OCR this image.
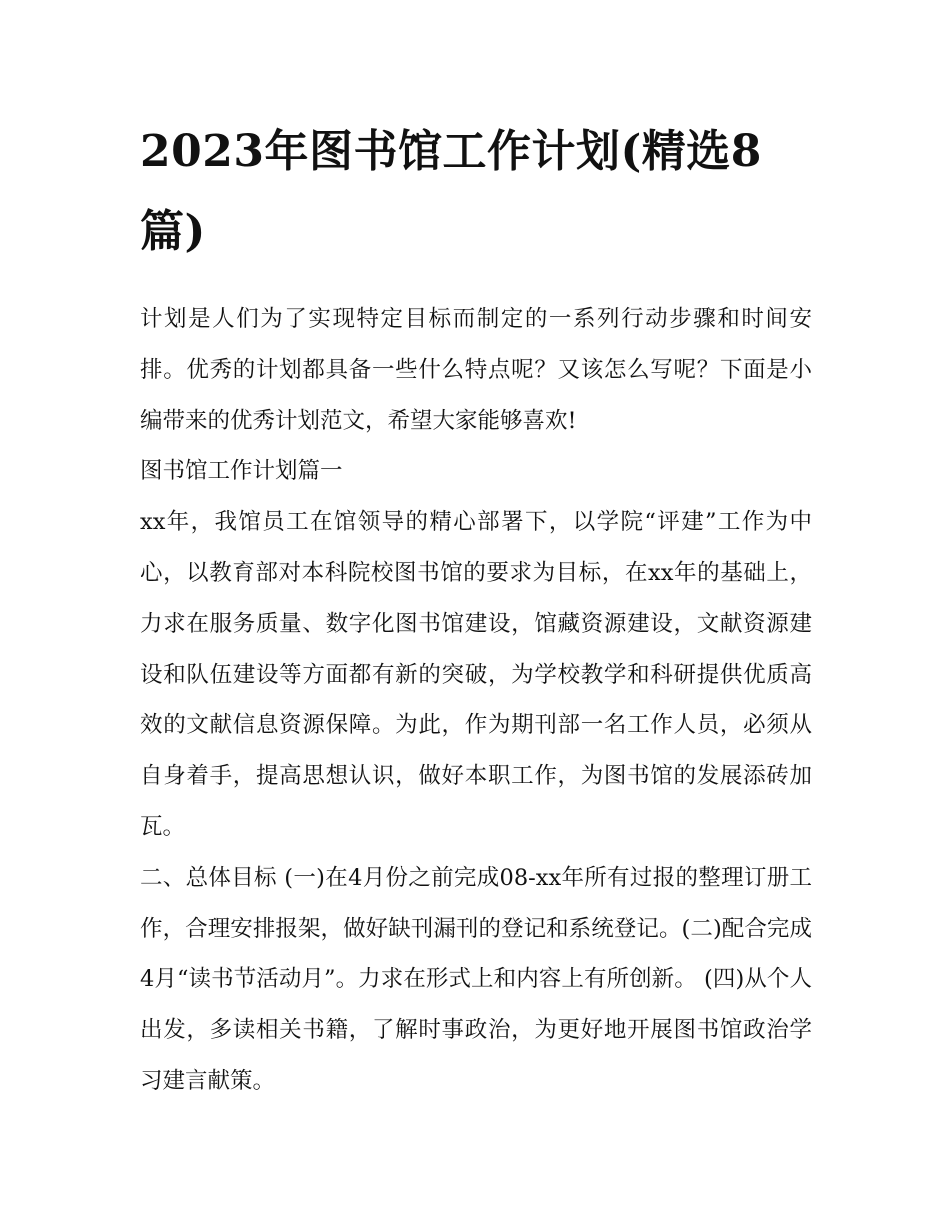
2023年图书馆工作计划(精选8篇)

计划是人们为了实现特定目标而制定的一系列行动步骤和时间安排。优秀的计划都具备一些什么特点呢？又该怎么写呢？下面是小编带来的优秀计划范文，希望大家能够喜欢!

图书馆工作计划篇一

xx年，我馆员工在馆领导的精心部署下，以学院“评建”工作为中心，以教育部对本科院校图书馆的要求为目标，在xx年的基础上，力求在服务质量、数字化图书馆建设，馆藏资源建设，文献资源建设和队伍建设等方面都有新的突破，为学校教学和科研提供优质高效的文献信息资源保障。为此，作为期刊部一名工作人员，必须从自身着手，提高思想认识，做好本职工作，为图书馆的发展添砖加瓦。

二、总体目标 (一)在4月份之前完成08-xx年所有过报的整理订册工作，合理安排报架，做好缺刊漏刊的登记和系统登记。(二)配合完成4月“读书节活动月”。力求在形式上和内容上有所创新。 (四)从个人出发，多读相关书籍，了解时事政治，为更好地开展图书馆政治学习建言献策。
